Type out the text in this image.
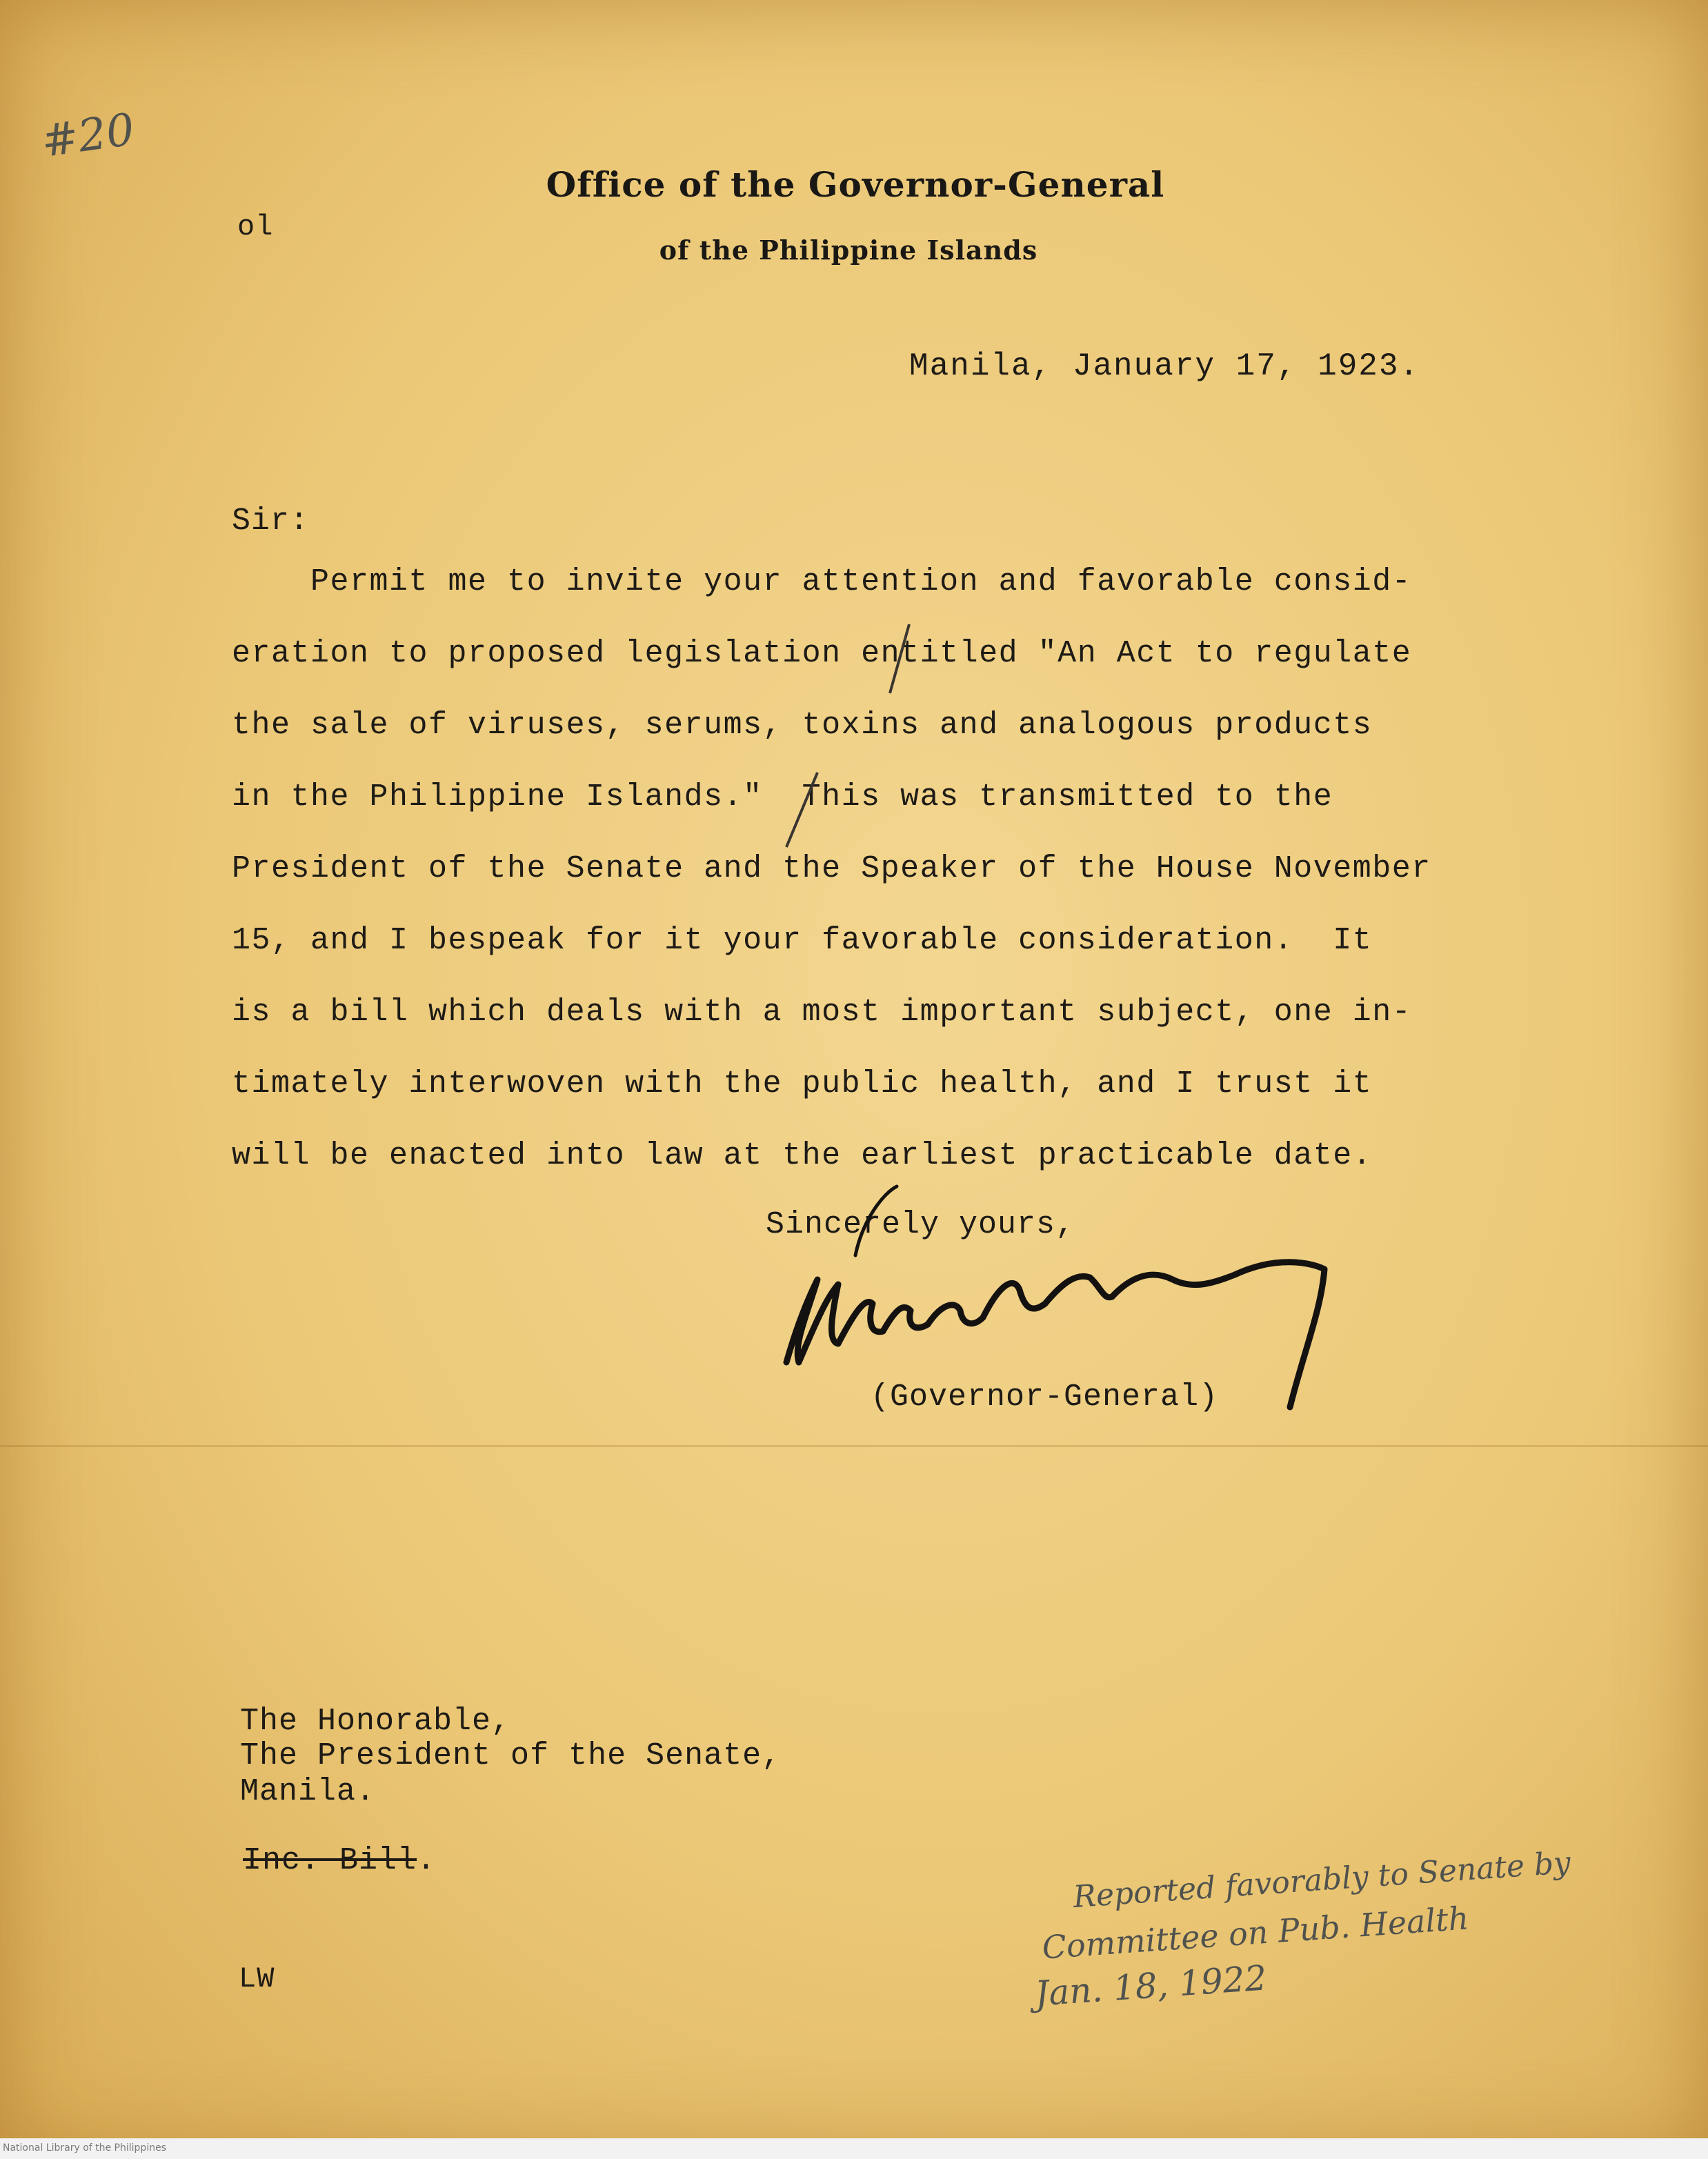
#20
ol
Office of the Governor-General
of the Philippine Islands
Manila, January 17, 1923.
Sir:
Permit me to invite your attention and favorable consid-
eration to proposed legislation entitled "An Act to regulate
the sale of viruses, serums, toxins and analogous products
in the Philippine Islands."  This was transmitted to the
President of the Senate and the Speaker of the House November
15, and I bespeak for it your favorable consideration.  It
is a bill which deals with a most important subject, one in-
timately interwoven with the public health, and I trust it
will be enacted into law at the earliest practicable date.
Sincerely yours,
(Governor-General)
The Honorable,
The President of the Senate,
Manila.
Inc. Bill.
LW
Reported favorably to Senate by
Committee on Pub. Health
Jan. 18, 1922
National Library of the Philippines
